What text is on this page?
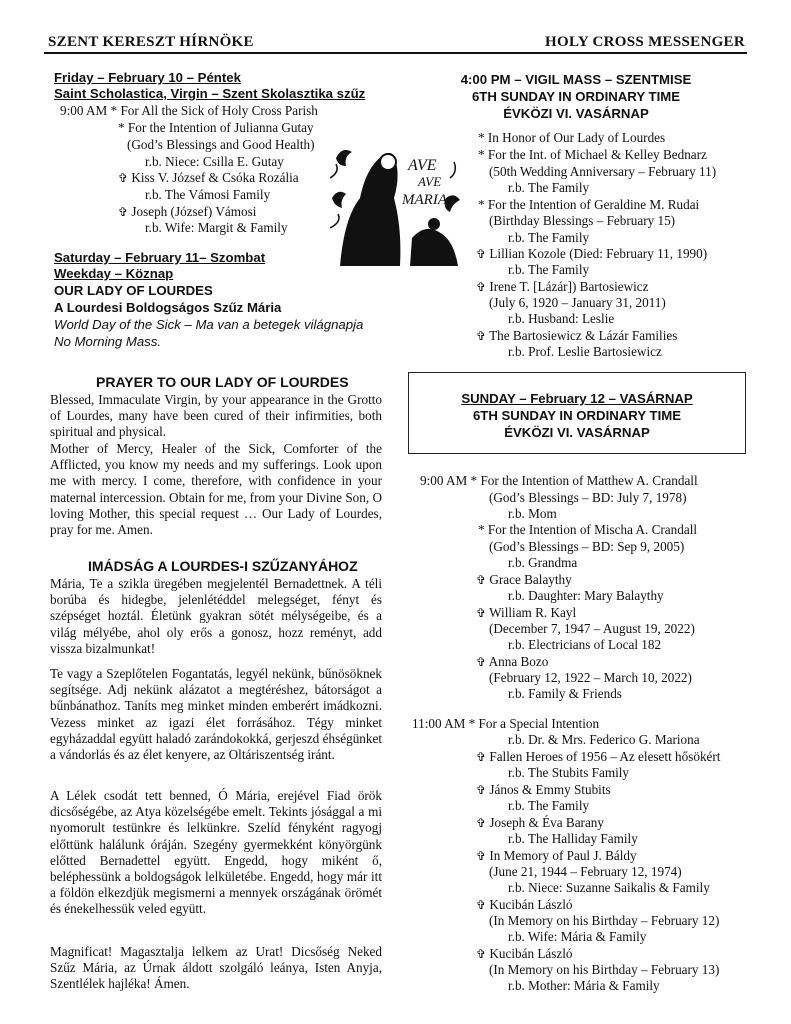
SZENT KERESZT HÍRNÖKE	HOLY CROSS MESSENGER
Friday – February 10 – Péntek
Saint Scholastica, Virgin – Szent Skolasztika szűz
9:00 AM * For All the Sick of Holy Cross Parish
* For the Intention of Julianna Gutay
(God’s Blessings and Good Health)
r.b. Niece: Csilla E. Gutay
✞ Kiss V. József & Csóka Rozália
r.b. The Vámosi Family
✞ Joseph (József) Vámosi
r.b. Wife: Margit & Family
AVE
AVE
MARIA
Saturday – February 11– Szombat
Weekday – Köznap
OUR LADY OF LOURDES
A Lourdesi Boldogságos Szűz Mária
World Day of the Sick – Ma van a betegek világnapja
No Morning Mass.
PRAYER TO OUR LADY OF LOURDES
Blessed, Immaculate Virgin, by your appearance in the Grotto of Lourdes, many have been cured of their infirmities, both spiritual and physical.
Mother of Mercy, Healer of the Sick, Comforter of the Afflicted, you know my needs and my sufferings. Look upon me with mercy. I come, therefore, with confidence in your maternal intercession. Obtain for me, from your Divine Son, O loving Mother, this special request … Our Lady of Lourdes, pray for me. Amen.
IMÁDSÁG A LOURDES-I SZŰZANYÁHOZ
Mária, Te a szikla üregében megjelentél Bernadettnek. A téli borúba és hidegbe, jelenlétéddel melegséget, fényt és szépséget hoztál. Életünk gyakran sötét mélységeibe, és a világ mélyébe, ahol oly erős a gonosz, hozz reményt, add vissza bizalmunkat!
Te vagy a Szeplőtelen Fogantatás, legyél nekünk, bűnösöknek segítsége. Adj nekünk alázatot a megtéréshez, bátorságot a bűnbánathoz. Taníts meg minket minden emberért imádkozni. Vezess minket az igazi élet forrásához. Tégy minket egyházaddal együtt haladó zarándokokká, gerjeszd éhségünket a vándorlás és az élet kenyere, az Oltáriszentség iránt.
A Lélek csodát tett benned, Ó Mária, erejével Fiad örök dicsőségébe, az Atya közelségébe emelt. Tekints jósággal a mi nyomorult testünkre és lelkünkre. Szelíd fényként ragyogj előttünk halálunk óráján. Szegény gyermekként könyörgünk előtted Bernadettel együtt. Engedd, hogy miként ő, beléphessünk a boldogságok lelkületébe. Engedd, hogy már itt a földön elkezdjük megismerni a mennyek országának örömét és énekelhessük veled együtt.
Magnificat! Magasztalja lelkem az Urat! Dicsőség Neked Szűz Mária, az Úrnak áldott szolgáló leánya, Isten Anyja, Szentlélek hajléka! Ámen.
4:00 PM – VIGIL MASS – SZENTMISE
6TH SUNDAY IN ORDINARY TIME
ÉVKÖZI VI. VASÁRNAP
* In Honor of Our Lady of Lourdes
* For the Int. of Michael & Kelley Bednarz
(50th Wedding Anniversary – February 11)
r.b. The Family
* For the Intention of Geraldine M. Rudai
(Birthday Blessings – February 15)
r.b. The Family
✞ Lillian Kozole (Died: February 11, 1990)
r.b. The Family
✞ Irene T. [Lázár]) Bartosiewicz
(July 6, 1920 – January 31, 2011)
r.b. Husband: Leslie
✞ The Bartosiewicz & Lázár Families
r.b. Prof. Leslie Bartosiewicz
SUNDAY – February 12 – VASÁRNAP
6TH SUNDAY IN ORDINARY TIME
ÉVKÖZI VI. VASÁRNAP
9:00 AM * For the Intention of Matthew A. Crandall
(God’s Blessings – BD: July 7, 1978)
r.b. Mom
* For the Intention of Mischa A. Crandall
(God’s Blessings – BD: Sep 9, 2005)
r.b. Grandma
✞ Grace Balaythy
r.b. Daughter: Mary Balaythy
✞ William R. Kayl
(December 7, 1947 – August 19, 2022)
r.b. Electricians of Local 182
✞ Anna Bozo
(February 12, 1922 – March 10, 2022)
r.b. Family & Friends
11:00 AM * For a Special Intention
r.b. Dr. & Mrs. Federico G. Mariona
✞ Fallen Heroes of 1956 – Az elesett hősökért
r.b. The Stubits Family
✞ János & Emmy Stubits
r.b. The Family
✞ Joseph & Éva Barany
r.b. The Halliday Family
✞ In Memory of Paul J. Báldy
(June 21, 1944 – February 12, 1974)
r.b. Niece: Suzanne Saikalis & Family
✞ Kucibán László
(In Memory on his Birthday – February 12)
r.b. Wife: Mária & Family
✞ Kucibán László
(In Memory on his Birthday – February 13)
r.b. Mother: Mária & Family
